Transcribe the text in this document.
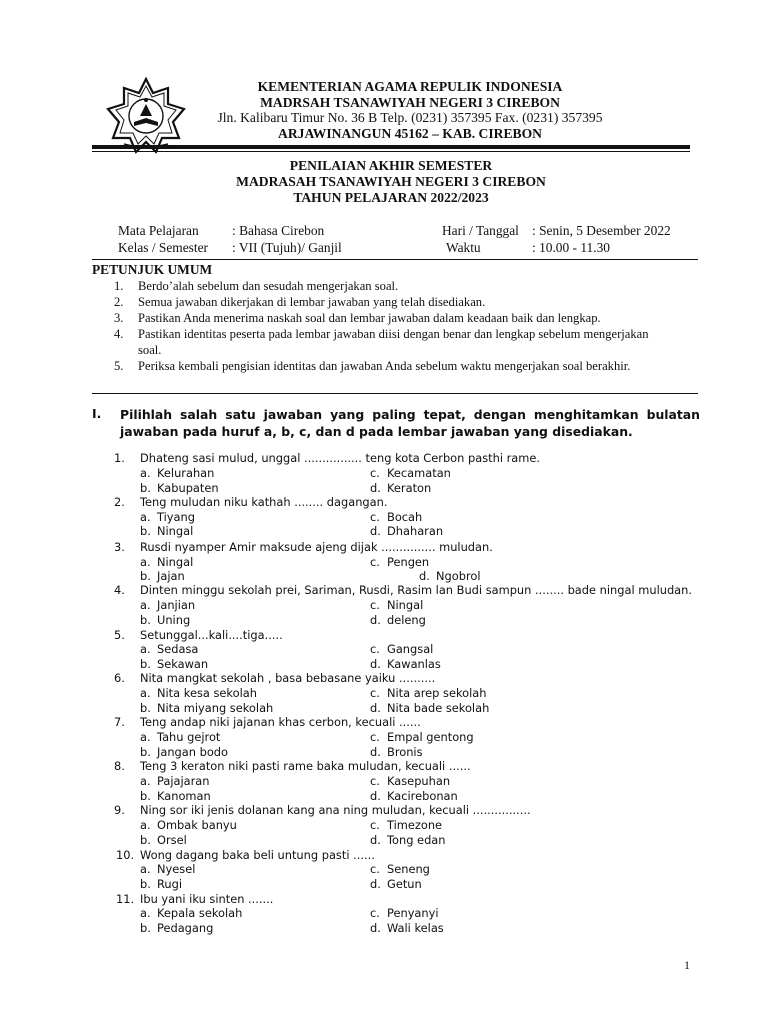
KEMENTERIAN AGAMA REPULIK INDONESIA
MADRSAH TSANAWIYAH NEGERI 3 CIREBON
Jln. Kalibaru Timur No. 36 B Telp. (0231) 357395 Fax. (0231) 357395
ARJAWINANGUN 45162 – KAB. CIREBON
PENILAIAN AKHIR SEMESTER
MADRASAH TSANAWIYAH NEGERI 3 CIREBON
TAHUN PELAJARAN 2022/2023
Mata Pelajaran : Bahasa Cirebon
Kelas / Semester : VII (Tujuh)/ Ganjil
Hari / Tanggal : Senin, 5 Desember 2022
Waktu	: 10.00 - 11.30
PETUNJUK UMUM
1. Berdo’alah sebelum dan sesudah mengerjakan soal.
2. Semua jawaban dikerjakan di lembar jawaban yang telah disediakan.
3. Pastikan Anda menerima naskah soal dan lembar jawaban dalam keadaan baik dan lengkap.
4. Pastikan identitas peserta pada lembar jawaban diisi dengan benar dan lengkap sebelum mengerjakan soal.
5. Periksa kembali pengisian identitas dan jawaban Anda sebelum waktu mengerjakan soal berakhir.
I. Pilihlah salah satu jawaban yang paling tepat, dengan menghitamkan bulatan jawaban pada huruf a, b, c, dan d pada lembar jawaban yang disediakan.
1. Dhateng sasi mulud, unggal ................ teng kota Cerbon pasthi rame.
a. Kelurahan	c. Kecamatan
b. Kabupaten	d. Keraton
2. Teng muludan niku kathah ........ dagangan.
a. Tiyang	c. Bocah
b. Ningal	d. Dhaharan
3. Rusdi nyamper Amir maksude ajeng dijak ............... muludan.
a. Ningal	c. Pengen
b. Jajan	d. Ngobrol
4. Dinten minggu sekolah prei, Sariman, Rusdi, Rasim lan Budi sampun ........ bade ningal muludan.
a. Janjian	c. Ningal
b. Uning	d. deleng
5. Setunggal...kali....tiga.....
a. Sedasa	c. Gangsal
b. Sekawan	d. Kawanlas
6. Nita mangkat sekolah , basa bebasane yaiku ..........
a. Nita kesa sekolah	c. Nita arep sekolah
b. Nita miyang sekolah	d. Nita bade sekolah
7. Teng andap niki jajanan khas cerbon, kecuali ......
a. Tahu gejrot	c. Empal gentong
b. Jangan bodo	d. Bronis
8. Teng 3 keraton niki pasti rame baka muludan, kecuali ......
a. Pajajaran	c. Kasepuhan
b. Kanoman	d. Kacirebonan
9. Ning sor iki jenis dolanan kang ana ning muludan, kecuali ................
a. Ombak banyu	c. Timezone
b. Orsel	d. Tong edan
10. Wong dagang baka beli untung pasti ......
a. Nyesel	c. Seneng
b. Rugi	d. Getun
11. Ibu yani iku sinten .......
a. Kepala sekolah	c. Penyanyi
b. Pedagang	d. Wali kelas
1
